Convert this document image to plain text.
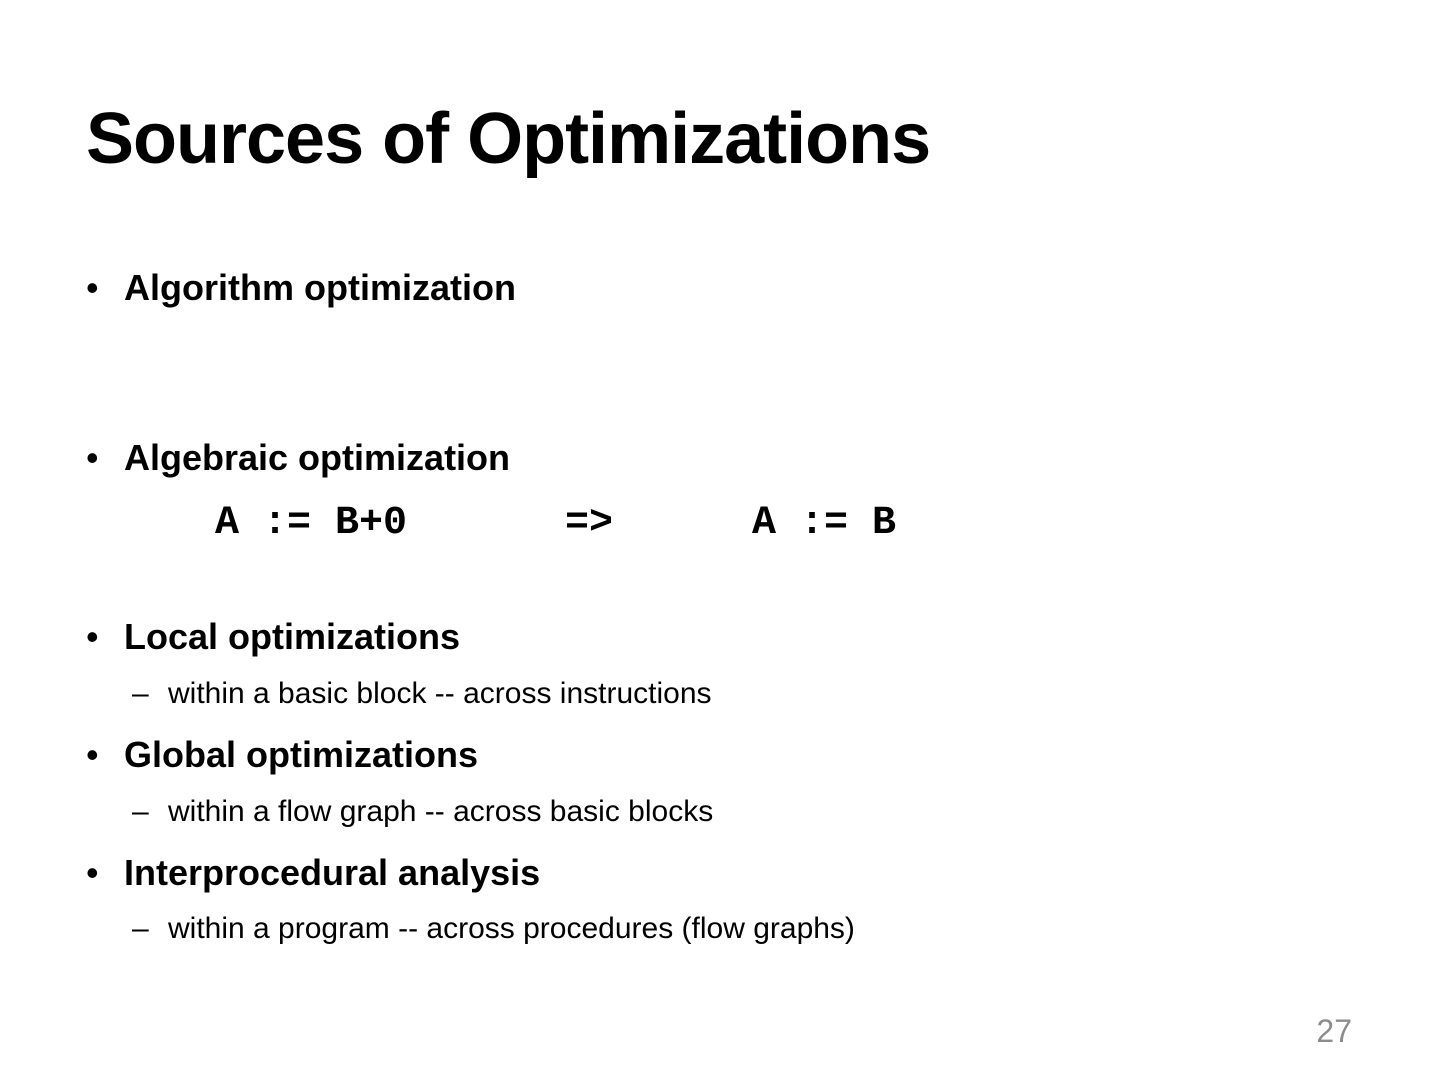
Sources of Optimizations
• Algorithm optimization
• Algebraic optimization
A := B+0	=>	A := B
• Local optimizations
– within a basic block -- across instructions
• Global optimizations
– within a flow graph -- across basic blocks
• Interprocedural analysis
– within a program -- across procedures (flow graphs)
27
